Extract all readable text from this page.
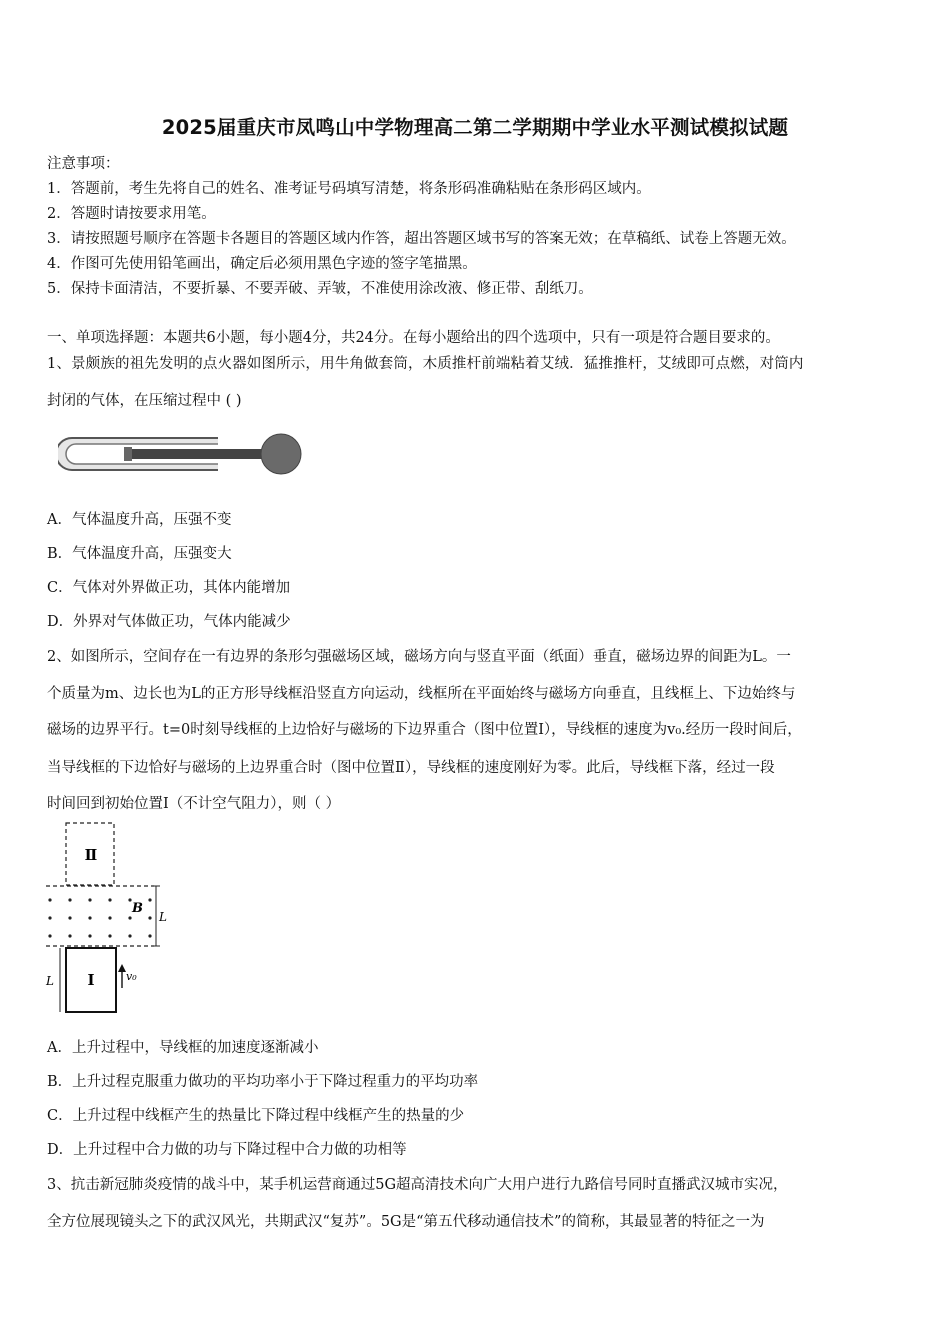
2025届重庆市凤鸣山中学物理高二第二学期期中学业水平测试模拟试题
注意事项：
1．答题前，考生先将自己的姓名、准考证号码填写清楚，将条形码准确粘贴在条形码区域内。
2．答题时请按要求用笔。
3．请按照题号顺序在答题卡各题目的答题区域内作答，超出答题区域书写的答案无效；在草稿纸、试卷上答题无效。
4．作图可先使用铅笔画出，确定后必须用黑色字迹的签字笔描黑。
5．保持卡面清洁，不要折暴、不要弄破、弄皱，不准使用涂改液、修正带、刮纸刀。
一、单项选择题：本题共6小题，每小题4分，共24分。在每小题给出的四个选项中，只有一项是符合题目要求的。
1、景颇族的祖先发明的点火器如图所示，用牛角做套筒，木质推杆前端粘着艾绒．猛推推杆，艾绒即可点燃，对筒内
封闭的气体，在压缩过程中 ( )
A．气体温度升高，压强不变
B．气体温度升高，压强变大
C．气体对外界做正功，其体内能增加
D．外界对气体做正功，气体内能减少
2、如图所示，空间存在一有边界的条形匀强磁场区域，磁场方向与竖直平面（纸面）垂直，磁场边界的间距为L。一
个质量为m、边长也为L的正方形导线框沿竖直方向运动，线框所在平面始终与磁场方向垂直，且线框上、下边始终与
磁场的边界平行。t=0时刻导线框的上边恰好与磁场的下边界重合（图中位置I），导线框的速度为v₀.经历一段时间后，
当导线框的下边恰好与磁场的上边界重合时（图中位置Ⅱ），导线框的速度刚好为零。此后，导线框下落，经过一段
时间回到初始位置I（不计空气阻力），则（ ）
Ⅱ
B
L
I
L	v₀
A．上升过程中，导线框的加速度逐渐减小
B．上升过程克服重力做功的平均功率小于下降过程重力的平均功率
C．上升过程中线框产生的热量比下降过程中线框产生的热量的少
D．上升过程中合力做的功与下降过程中合力做的功相等
3、抗击新冠肺炎疫情的战斗中，某手机运营商通过5G超高清技术向广大用户进行九路信号同时直播武汉城市实况，
全方位展现镜头之下的武汉风光，共期武汉“复苏”。5G是“第五代移动通信技术”的简称，其最显著的特征之一为
